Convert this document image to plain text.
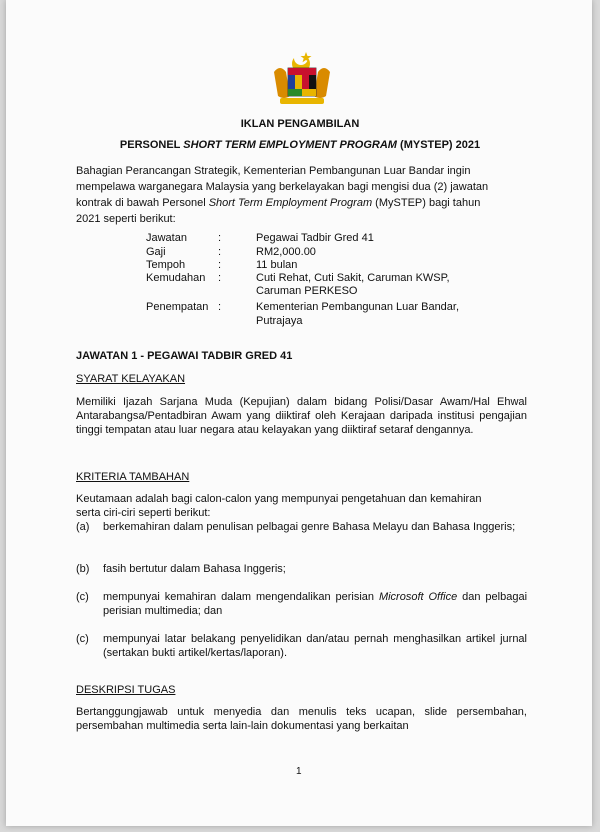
IKLAN PENGAMBILAN
PERSONEL SHORT TERM EMPLOYMENT PROGRAM (MYSTEP) 2021
Bahagian Perancangan Strategik, Kementerian Pembangunan Luar Bandar ingin
mempelawa warganegara Malaysia yang berkelayakan bagi mengisi dua (2) jawatan
kontrak di bawah Personel Short Term Employment Program (MySTEP) bagi tahun
2021 seperti berikut:
Jawatan	:	Pegawai Tadbir Gred 41
Gaji	:	RM2,000.00
Tempoh	:	11 bulan
Kemudahan :	Cuti Rehat, Cuti Sakit, Caruman KWSP,
Caruman PERKESO
Penempatan :	Kementerian Pembangunan Luar Bandar,
Putrajaya
JAWATAN 1 - PEGAWAI TADBIR GRED 41
SYARAT KELAYAKAN
Memiliki Ijazah Sarjana Muda (Kepujian) dalam bidang Polisi/Dasar Awam/Hal Ehwal Antarabangsa/Pentadbiran Awam yang diiktiraf oleh Kerajaan daripada institusi pengajian tinggi tempatan atau luar negara atau kelayakan yang diiktiraf setaraf dengannya.
KRITERIA TAMBAHAN
Keutamaan adalah bagi calon-calon yang mempunyai pengetahuan dan kemahiran
serta ciri-ciri seperti berikut:
(a) berkemahiran dalam penulisan pelbagai genre Bahasa Melayu dan Bahasa Inggeris;
(b) fasih bertutur dalam Bahasa Inggeris;
(c) mempunyai kemahiran dalam mengendalikan perisian Microsoft Office dan pelbagai perisian multimedia; dan
(c) mempunyai latar belakang penyelidikan dan/atau pernah menghasilkan artikel jurnal (sertakan bukti artikel/kertas/laporan).
DESKRIPSI TUGAS
Bertanggungjawab untuk menyedia dan menulis teks ucapan, slide persembahan, persembahan multimedia serta lain-lain dokumentasi yang berkaitan
1
